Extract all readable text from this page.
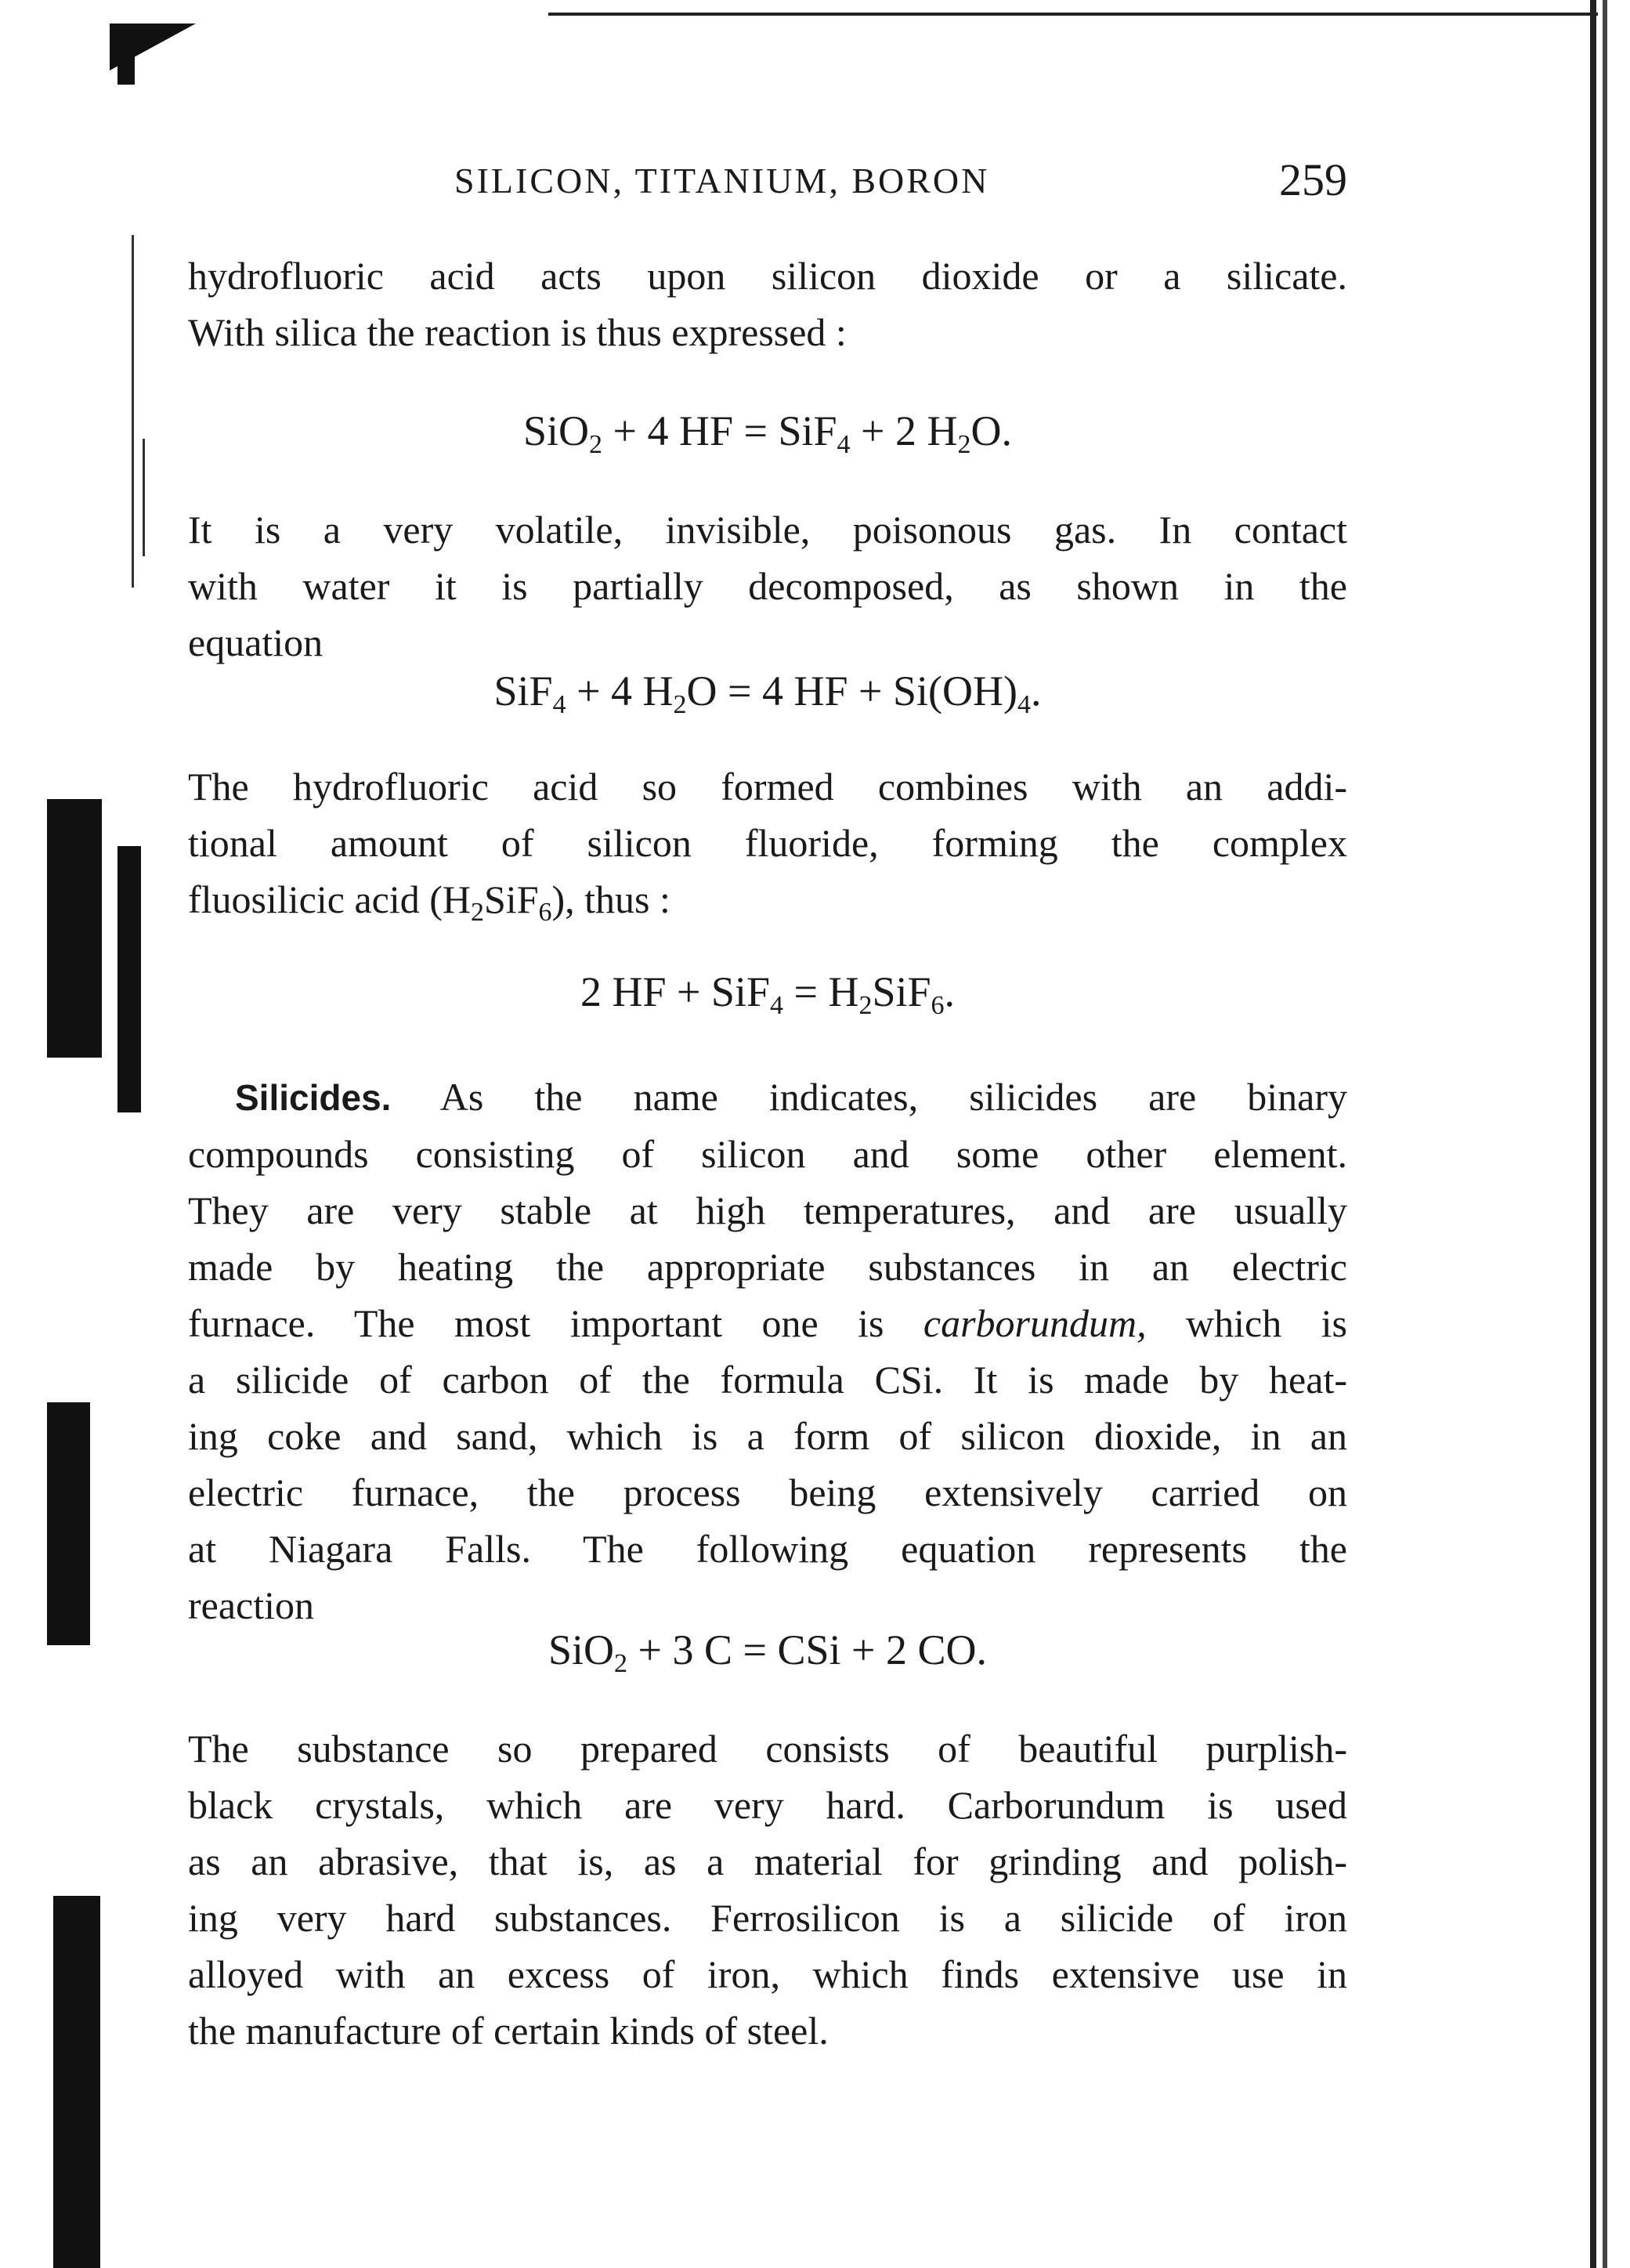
SILICON, TITANIUM, BORON	259
hydrofluoric acid acts upon silicon dioxide or a silicate.
With silica the reaction is thus expressed :
SiO$_2$ + 4 HF = SiF$_4$ + 2 $H_2O$.
It is a very volatile, invisible, poisonous gas. In contact
with water it is partially decomposed, as shown in the
equation
SiF$_4$ + 4 $H_2O = 4$ HF + $Si(OH)_4$.
The hydrofluoric acid so formed combines with an addi-
tional amount of silicon fluoride, forming the complex
fluosilicic acid $(H_2SiF_6)$, thus :
2 HF + $SiF_4 = H_2SiF_6$.
Silicides. As the name indicates, silicides are binary
compounds consisting of silicon and some other element.
They are very stable at high temperatures, and are usually
made by heating the appropriate substances in an electric
furnace. The most important one is carborundum, which is
a silicide of carbon of the formula CSi. It is made by heat-
ing coke and sand, which is a form of silicon dioxide, in an
electric furnace, the process being extensively carried on
at Niagara Falls. The following equation represents the
reaction
SiO$_2$ + 3 C = CSi + 2 CO.
The substance so prepared consists of beautiful purplish-
black crystals, which are very hard. Carborundum is used
as an abrasive, that is, as a material for grinding and polish-
ing very hard substances. Ferrosilicon is a silicide of iron
alloyed with an excess of iron, which finds extensive use in
the manufacture of certain kinds of steel.
